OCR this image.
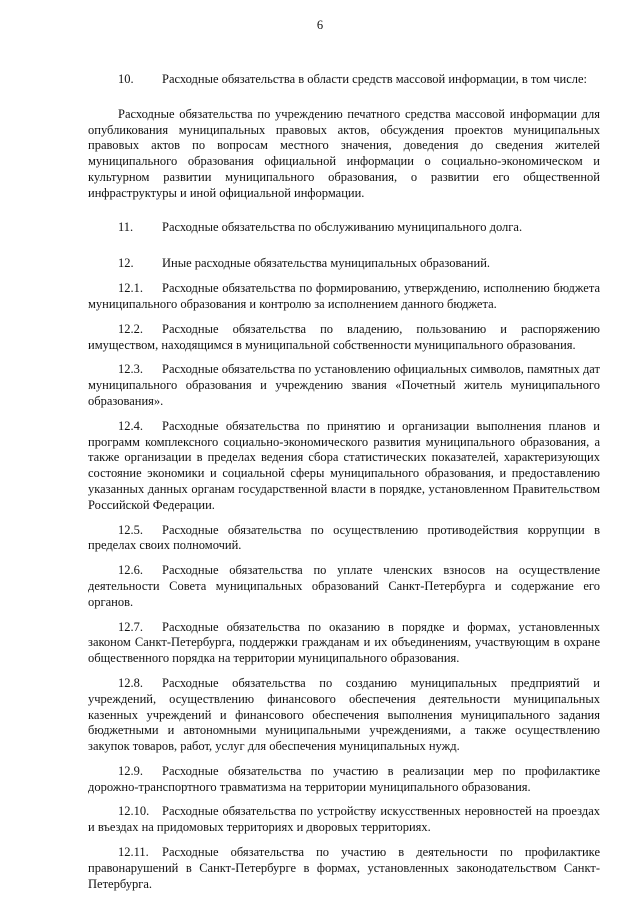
6

10. Расходные обязательства в области средств массовой информации, в том числе:

Расходные обязательства по учреждению печатного средства массовой информации для опубликования муниципальных правовых актов, обсуждения проектов муниципальных правовых актов по вопросам местного значения, доведения до сведения жителей муниципального образования официальной информации о социально-экономическом и культурном развитии муниципального образования, о развитии его общественной инфраструктуры и иной официальной информации.

11. Расходные обязательства по обслуживанию муниципального долга.

12. Иные расходные обязательства муниципальных образований.

12.1. Расходные обязательства по формированию, утверждению, исполнению бюджета муниципального образования и контролю за исполнением данного бюджета.

12.2. Расходные обязательства по владению, пользованию и распоряжению имуществом, находящимся в муниципальной собственности муниципального образования.

12.3. Расходные обязательства по установлению официальных символов, памятных дат муниципального образования и учреждению звания «Почетный житель муниципального образования».

12.4. Расходные обязательства по принятию и организации выполнения планов и программ комплексного социально-экономического развития муниципального образования, а также организации в пределах ведения сбора статистических показателей, характеризующих состояние экономики и социальной сферы муниципального образования, и предоставлению указанных данных органам государственной власти в порядке, установленном Правительством Российской Федерации.

12.5. Расходные обязательства по осуществлению противодействия коррупции в пределах своих полномочий.

12.6. Расходные обязательства по уплате членских взносов на осуществление деятельности Совета муниципальных образований Санкт-Петербурга и содержание его органов.

12.7. Расходные обязательства по оказанию в порядке и формах, установленных законом Санкт-Петербурга, поддержки гражданам и их объединениям, участвующим в охране общественного порядка на территории муниципального образования.

12.8. Расходные обязательства по созданию муниципальных предприятий и учреждений, осуществлению финансового обеспечения деятельности муниципальных казенных учреждений и финансового обеспечения выполнения муниципального задания бюджетными и автономными муниципальными учреждениями, а также осуществлению закупок товаров, работ, услуг для обеспечения муниципальных нужд.

12.9. Расходные обязательства по участию в реализации мер по профилактике дорожно-транспортного травматизма на территории муниципального образования.

12.10. Расходные обязательства по устройству искусственных неровностей на проездах и въездах на придомовых территориях и дворовых территориях.

12.11. Расходные обязательства по участию в деятельности по профилактике правонарушений в Санкт-Петербурге в формах, установленных законодательством Санкт-Петербурга.
